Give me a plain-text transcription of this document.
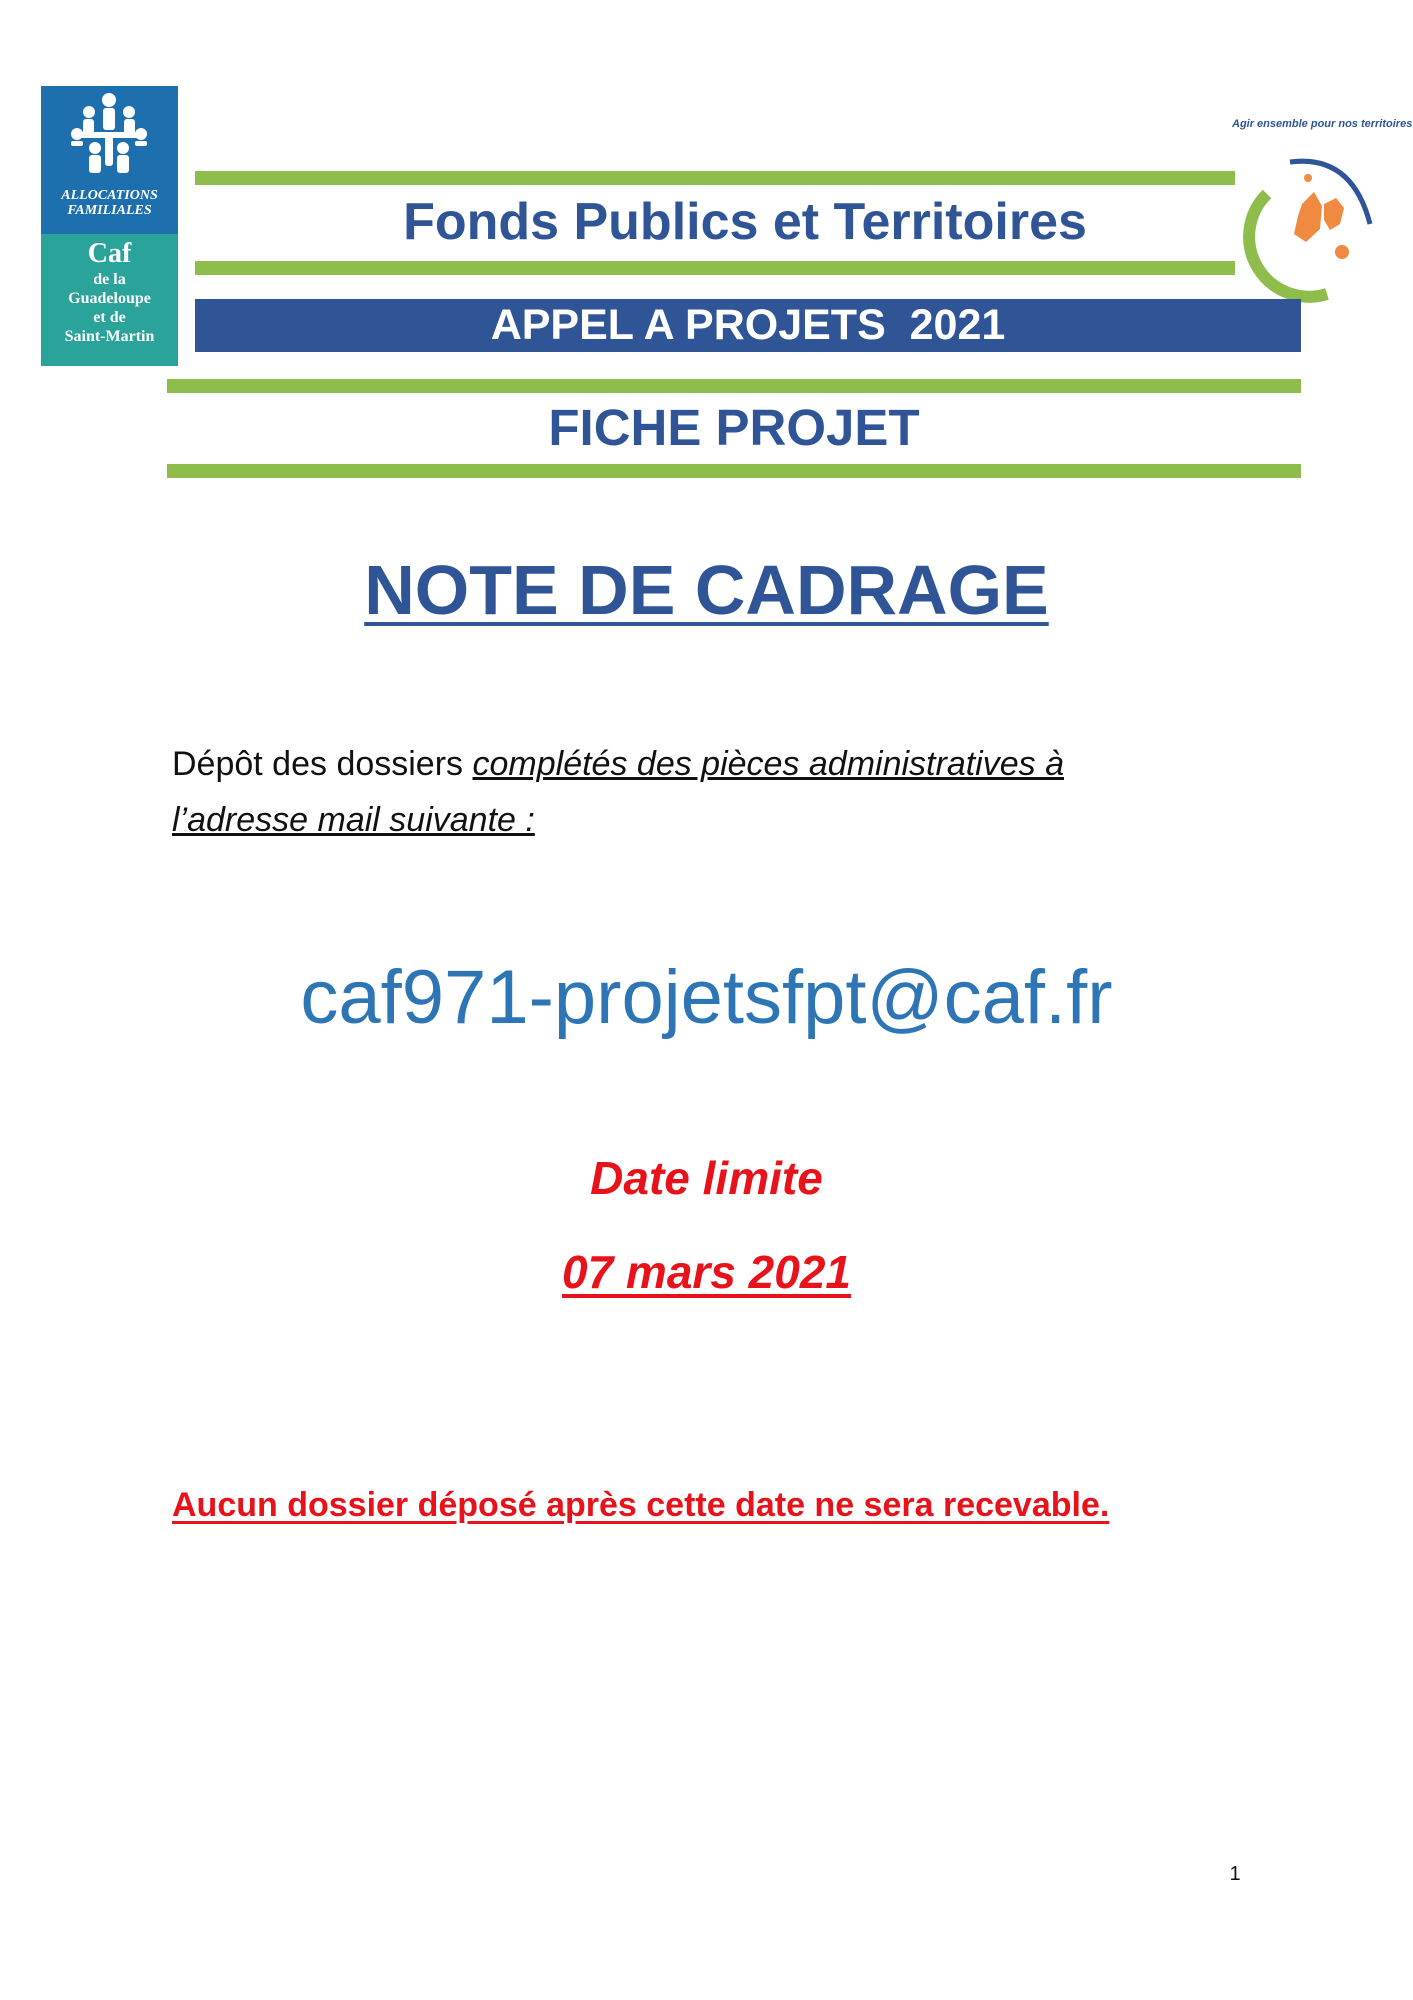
ALLOCATIONS
FAMILIALES
Caf
de la
Guadeloupe
et de
Saint-Martin
Agir ensemble pour nos territoires
Fonds Publics et Territoires
APPEL A PROJETS  2021
FICHE PROJET
NOTE DE CADRAGE
Dépôt des dossiers complétés des pièces administratives à
l’adresse mail suivante :
caf971-projetsfpt@caf.fr
Date limite
07 mars 2021
Aucun dossier déposé après cette date ne sera recevable.
1
